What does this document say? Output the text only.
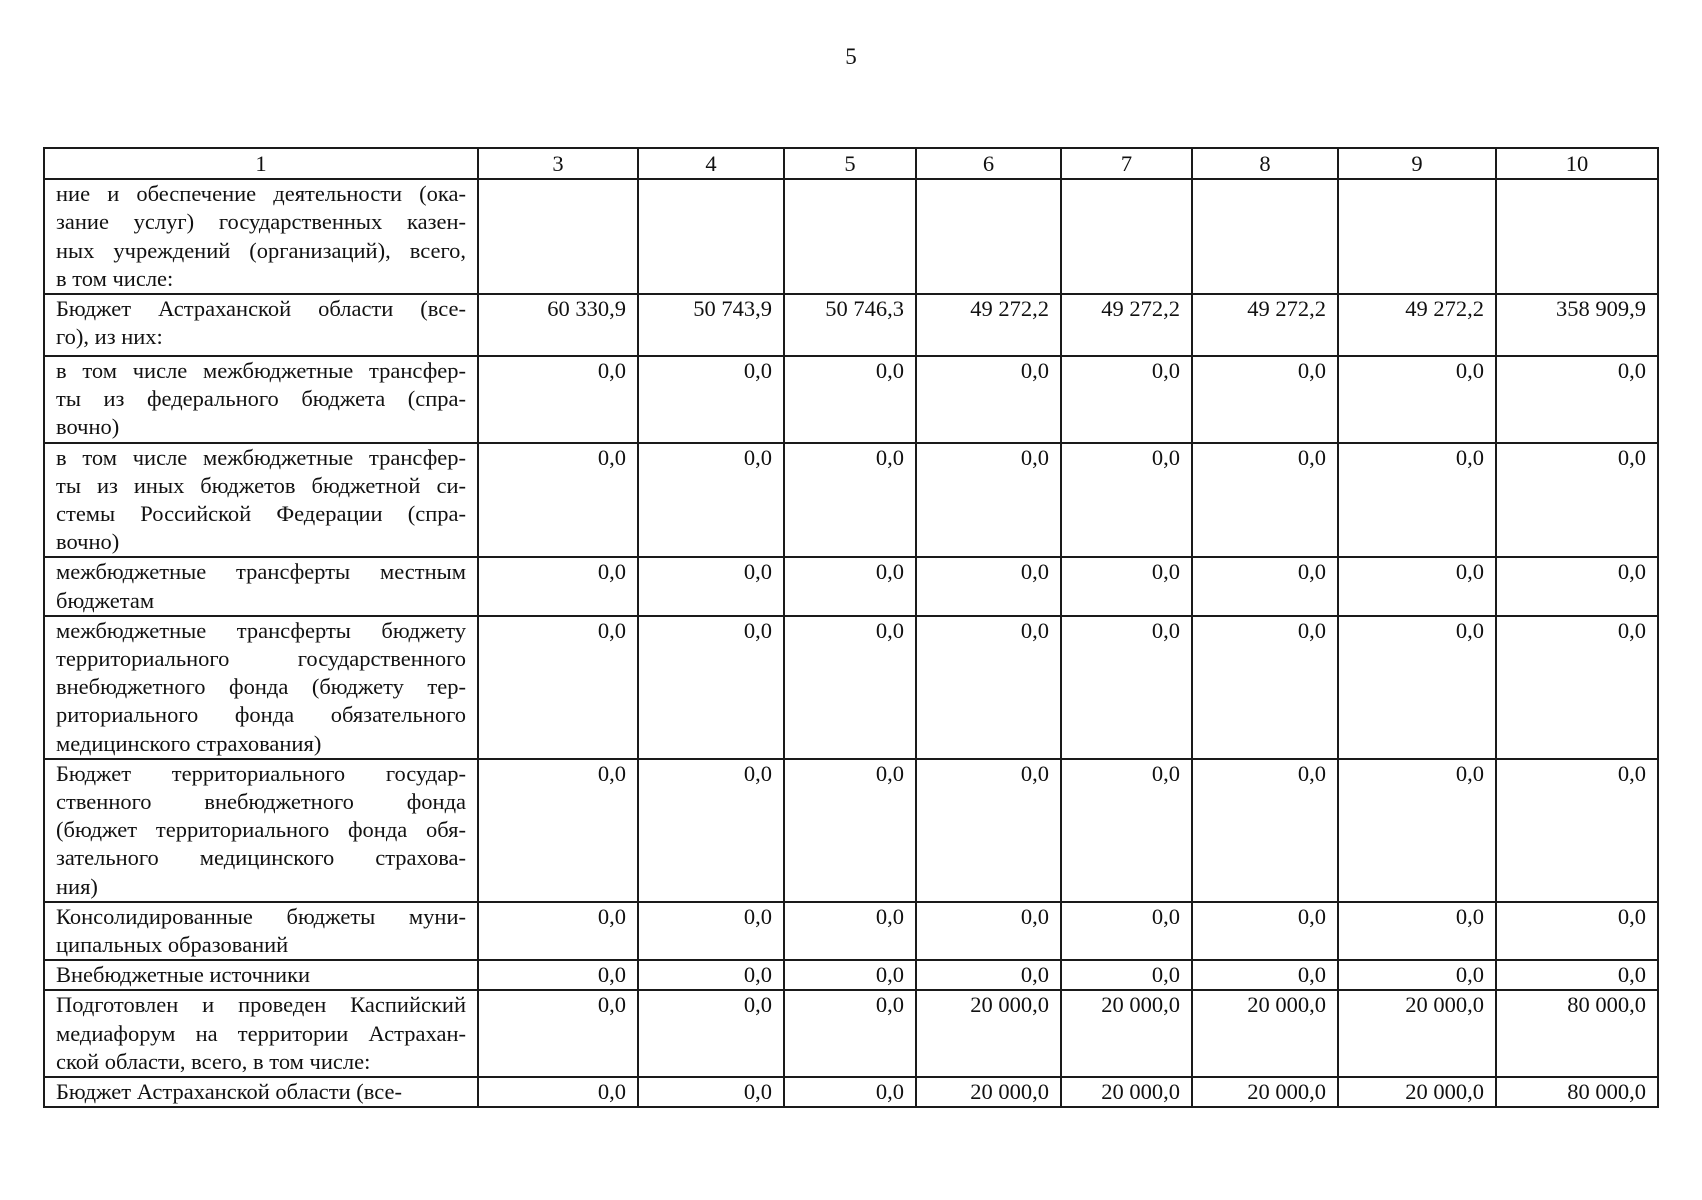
5
1	3	4	5	6	7	8	9	10

ние и обеспечение деятельности (ока-
зание услуг) государственных казен-
ных учреждений (организаций), всего,
в том числе:								

Бюджет Астраханской области (все-
го), из них:	60 330,9	50 743,9	50 746,3	49 272,2	49 272,2	49 272,2	49 272,2	358 909,9

в том числе межбюджетные трансфер-
ты из федерального бюджета (спра-
вочно)	0,0	0,0	0,0	0,0	0,0	0,0	0,0	0,0

в том числе межбюджетные трансфер-
ты из иных бюджетов бюджетной си-
стемы Российской Федерации (спра-
вочно)	0,0	0,0	0,0	0,0	0,0	0,0	0,0	0,0

межбюджетные трансферты местным
бюджетам	0,0	0,0	0,0	0,0	0,0	0,0	0,0	0,0

межбюджетные трансферты бюджету
территориального государственного
внебюджетного фонда (бюджету тер-
риториального фонда обязательного
медицинского страхования)	0,0	0,0	0,0	0,0	0,0	0,0	0,0	0,0

Бюджет территориального государ-
ственного внебюджетного фонда
(бюджет территориального фонда обя-
зательного медицинского страхова-
ния)	0,0	0,0	0,0	0,0	0,0	0,0	0,0	0,0

Консолидированные бюджеты муни-
ципальных образований	0,0	0,0	0,0	0,0	0,0	0,0	0,0	0,0

Внебюджетные источники	0,0	0,0	0,0	0,0	0,0	0,0	0,0	0,0

Подготовлен и проведен Каспийский
медиафорум на территории Астрахан-
ской области, всего, в том числе:	0,0	0,0	0,0	20 000,0	20 000,0	20 000,0	20 000,0	80 000,0

Бюджет Астраханской области (все-	0,0	0,0	0,0	20 000,0	20 000,0	20 000,0	20 000,0	80 000,0
